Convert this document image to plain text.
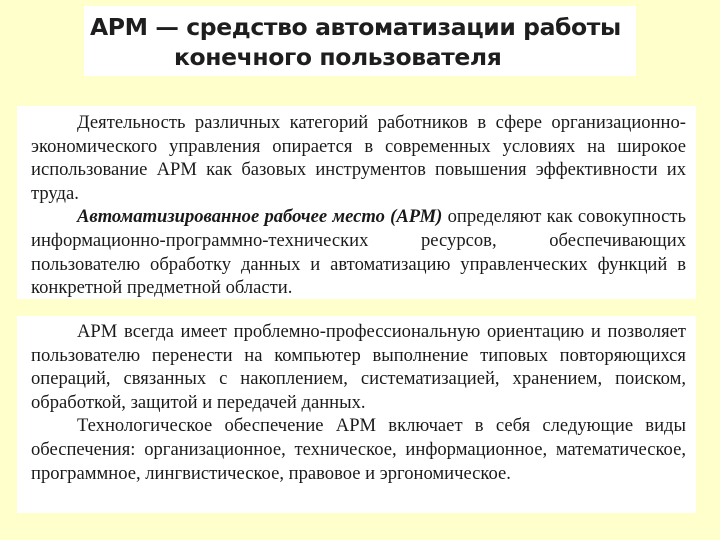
АРМ — средство автоматизации работы
конечного пользователя

Деятельность различных категорий работников в сфере организационно-экономического управления опирается в современных условиях на широкое использование АРМ как базовых инструментов повышения эффективности их труда.

Автоматизированное рабочее место (АРМ) определяют как совокупность информационно-программно-технических ресурсов, обеспечивающих пользователю обработку данных и автоматизацию управленческих функций в конкретной предметной области.

АРМ всегда имеет проблемно-профессиональную ориентацию и позволяет пользователю перенести на компьютер выполнение типовых повторяющихся операций, связанных с накоплением, систематизацией, хранением, поиском, обработкой, защитой и передачей данных.

Технологическое обеспечение АРМ включает в себя следующие виды обеспечения: организационное, техническое, информационное, математическое, программное, лингвистическое, правовое и эргономическое.
